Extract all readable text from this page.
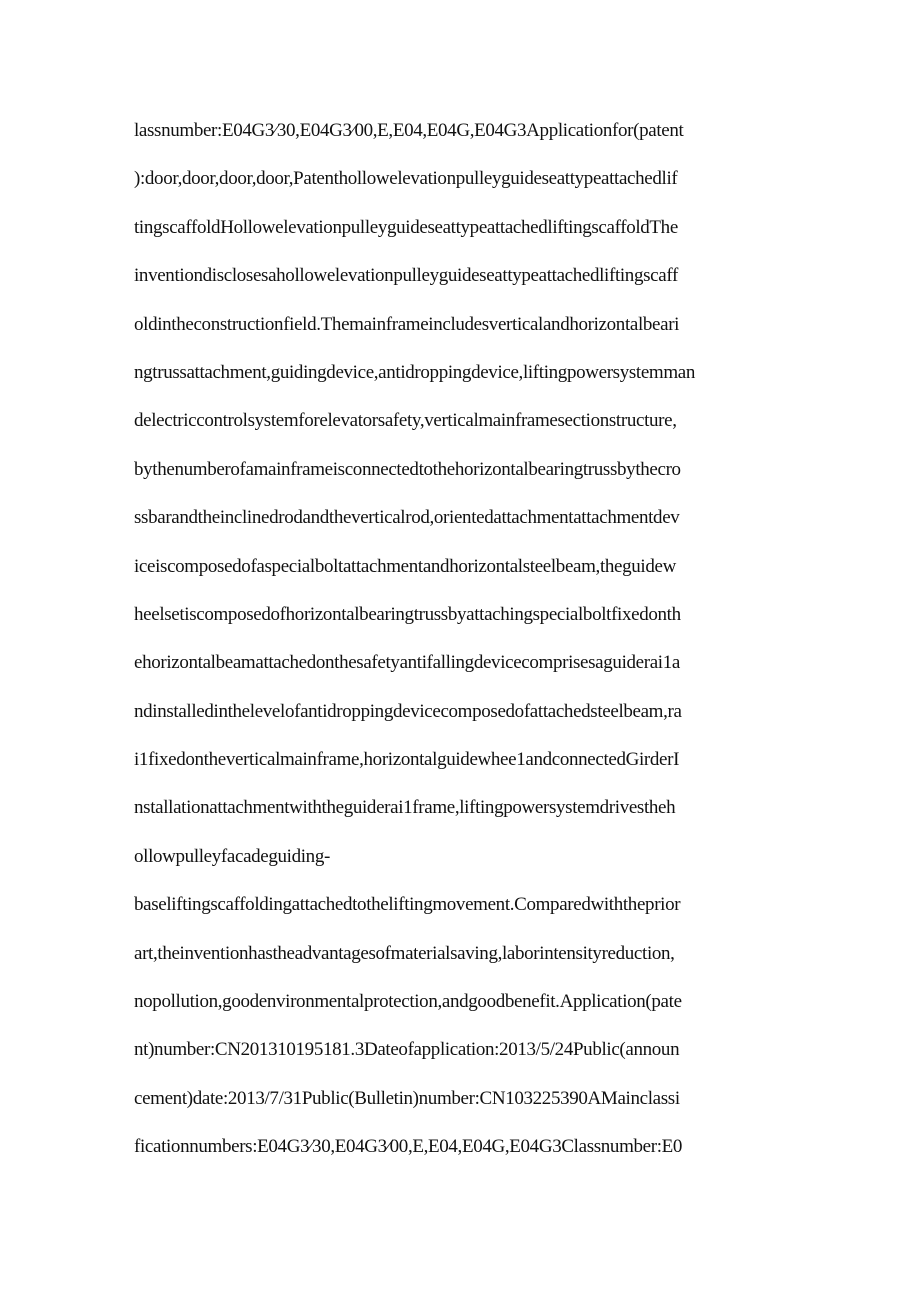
lassnumber:E04G3⁄30,E04G3⁄00,E,E04,E04G,E04G3Applicationfor(patent
):door,door,door,door,Patenthollowelevationpulleyguideseattypeattachedlif
tingscaffoldHollowelevationpulleyguideseattypeattachedliftingscaffoldThe
inventiondisclosesahollowelevationpulleyguideseattypeattachedliftingscaff
oldintheconstructionfield.Themainframeincludesverticalandhorizontalbeari
ngtrussattachment,guidingdevice,antidroppingdevice,liftingpowersystemman
delectriccontrolsystemforelevatorsafety,verticalmainframesectionstructure,
bythenumberofamainframeisconnectedtothehorizontalbearingtrussbythecro
ssbarandtheinclinedrodandtheverticalrod,orientedattachmentattachmentdev
iceiscomposedofaspecialboltattachmentandhorizontalsteelbeam,theguidew
heelsetiscomposedofhorizontalbearingtrussbyattachingspecialboltfixedonth
ehorizontalbeamattachedonthesafetyantifallingdevicecomprisesaguiderai1a
ndinstalledinthelevelofantidroppingdevicecomposedofattachedsteelbeam,ra
i1fixedontheverticalmainframe,horizontalguidewhee1andconnectedGirderI
nstallationattachmentwiththeguiderai1frame,liftingpowersystemdrivestheh
ollowpulleyfacadeguiding-
baseliftingscaffoldingattachedtotheliftingmovement.Comparedwiththeprior
art,theinventionhastheadvantagesofmaterialsaving,laborintensityreduction,
nopollution,goodenvironmentalprotection,andgoodbenefit.Application(pate
nt)number:CN201310195181.3Dateofapplication:2013/5/24Public(announ
cement)date:2013/7/31Public(Bulletin)number:CN103225390AMainclassi
ficationnumbers:E04G3⁄30,E04G3⁄00,E,E04,E04G,E04G3Classnumber:E0
